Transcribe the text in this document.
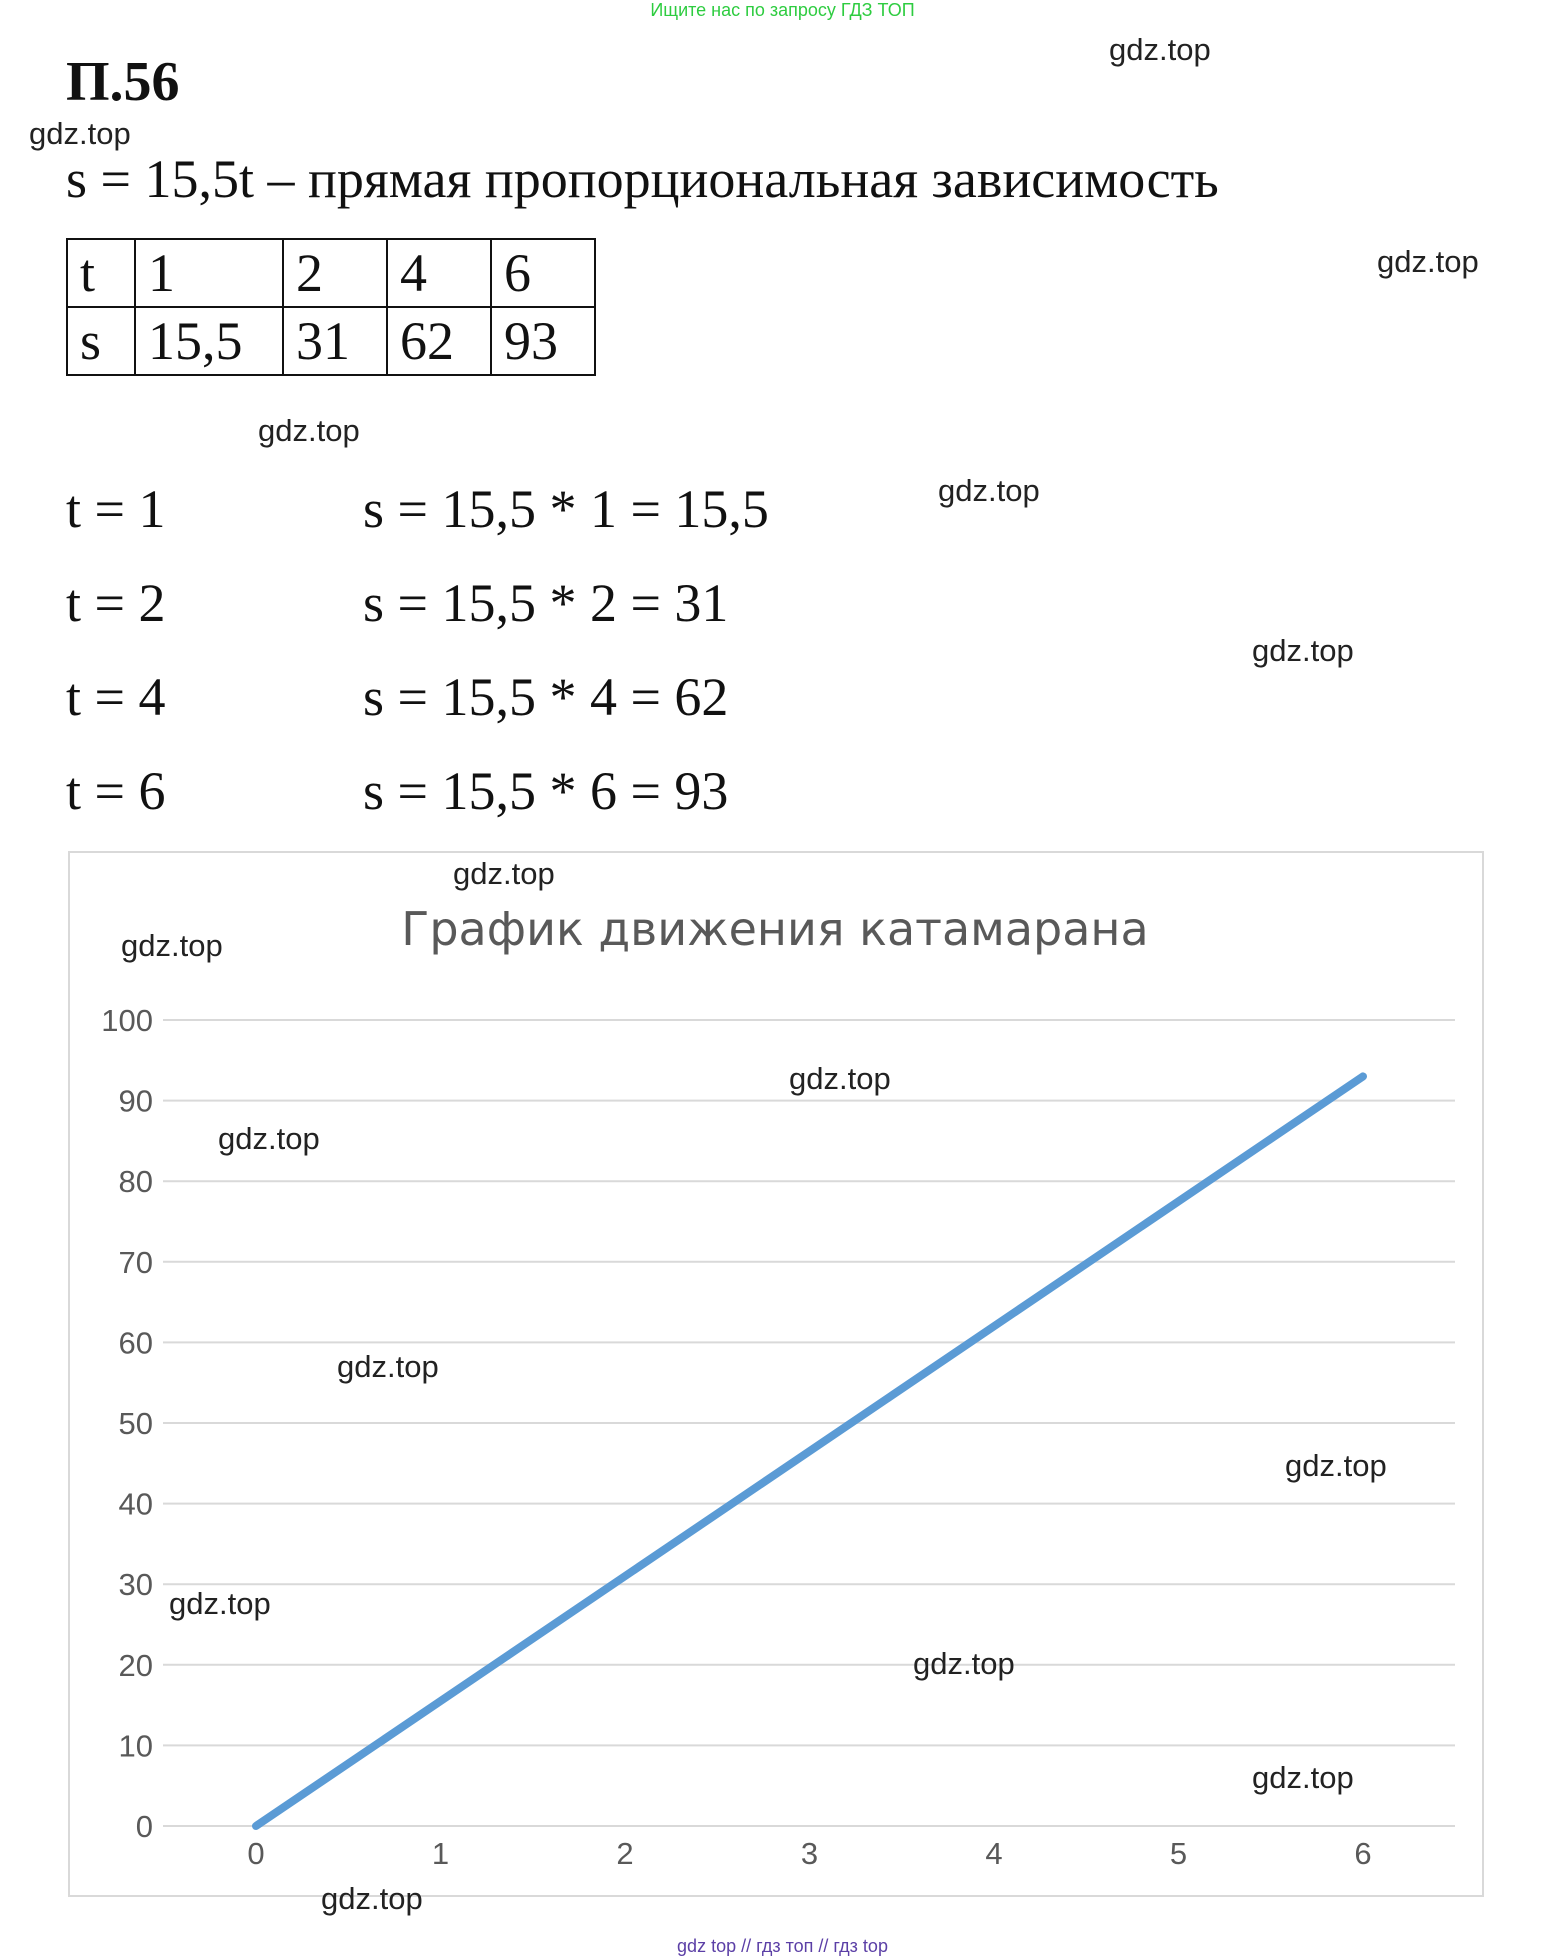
Ищите нас по запросу ГДЗ ТОП
П.56
s = 15,5t – прямая пропорциональная зависимость
t	1	2	4	6
s	15,5	31	62	93
t = 1	s = 15,5 * 1 = 15,5
t = 2	s = 15,5 * 2 = 31
t = 4	s = 15,5 * 4 = 62
t = 6	s = 15,5 * 6 = 93
График движения катамарана
0
10
20
30
40
50
60
70
80
90
100
0	1	2	3	4	5	6
gdz.top
gdz.top
gdz.top
gdz.top
gdz.top
gdz.top
gdz.top
gdz.top
gdz.top
gdz.top
gdz.top
gdz.top
gdz.top
gdz.top
gdz.top
gdz.top
gdz top // гдз топ // гдз top
